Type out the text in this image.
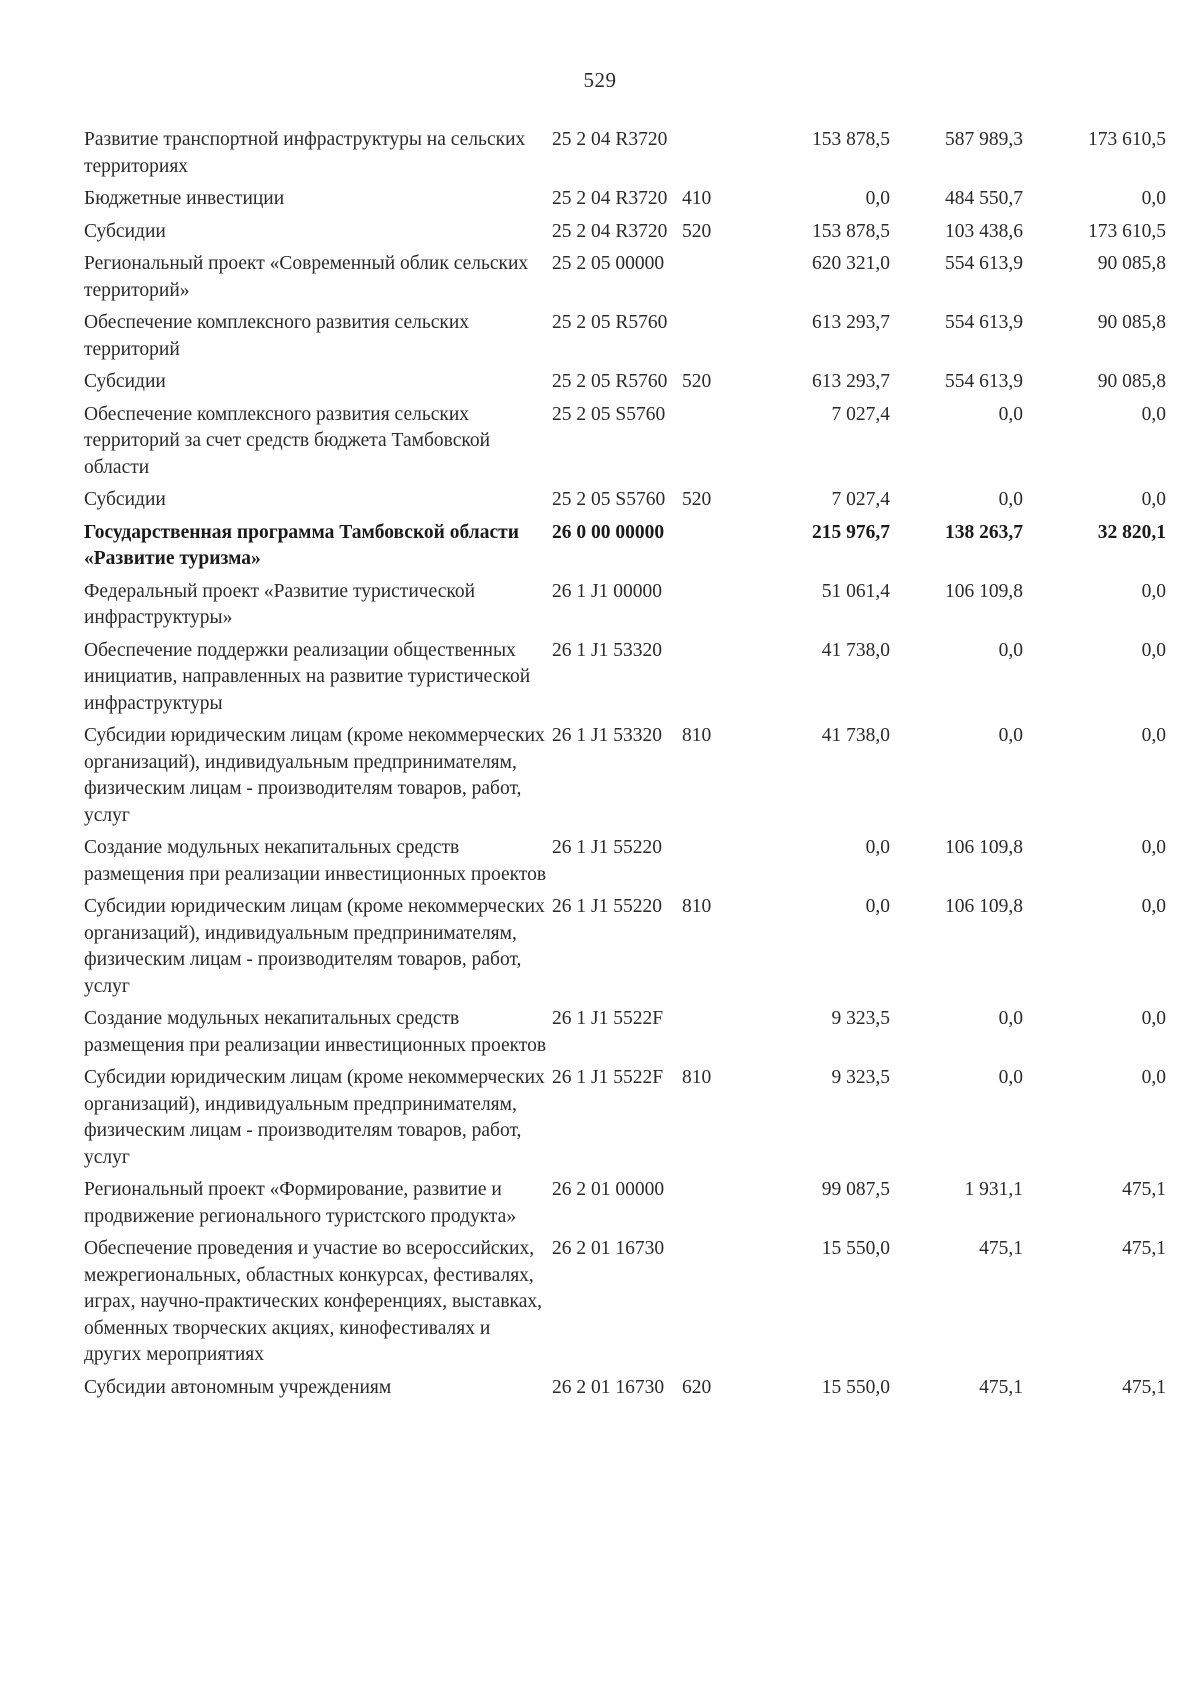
529
Развитие транспортной инфраструктуры на сельских территориях	25 2 04 R3720		153 878,5	587 989,3	173 610,5
Бюджетные инвестиции	25 2 04 R3720	410	0,0	484 550,7	0,0
Субсидии	25 2 04 R3720	520	153 878,5	103 438,6	173 610,5
Региональный проект «Современный облик сельских территорий»	25 2 05 00000		620 321,0	554 613,9	90 085,8
Обеспечение комплексного развития сельских территорий	25 2 05 R5760		613 293,7	554 613,9	90 085,8
Субсидии	25 2 05 R5760	520	613 293,7	554 613,9	90 085,8
Обеспечение комплексного развития сельских территорий за счет средств бюджета Тамбовской области	25 2 05 S5760		7 027,4	0,0	0,0
Субсидии	25 2 05 S5760	520	7 027,4	0,0	0,0
Государственная программа Тамбовской области «Развитие туризма»	26 0 00 00000		215 976,7	138 263,7	32 820,1
Федеральный проект «Развитие туристической инфраструктуры»	26 1 J1 00000		51 061,4	106 109,8	0,0
Обеспечение поддержки реализации общественных инициатив, направленных на развитие туристической инфраструктуры	26 1 J1 53320		41 738,0	0,0	0,0
Субсидии юридическим лицам (кроме некоммерческих организаций), индивидуальным предпринимателям, физическим лицам - производителям товаров, работ, услуг	26 1 J1 53320	810	41 738,0	0,0	0,0
Создание модульных некапитальных средств размещения при реализации инвестиционных проектов	26 1 J1 55220		0,0	106 109,8	0,0
Субсидии юридическим лицам (кроме некоммерческих организаций), индивидуальным предпринимателям, физическим лицам - производителям товаров, работ, услуг	26 1 J1 55220	810	0,0	106 109,8	0,0
Создание модульных некапитальных средств размещения при реализации инвестиционных проектов	26 1 J1 5522F		9 323,5	0,0	0,0
Субсидии юридическим лицам (кроме некоммерческих организаций), индивидуальным предпринимателям, физическим лицам - производителям товаров, работ, услуг	26 1 J1 5522F	810	9 323,5	0,0	0,0
Региональный проект «Формирование, развитие и продвижение регионального туристского продукта»	26 2 01 00000		99 087,5	1 931,1	475,1
Обеспечение проведения и участие во всероссийских, межрегиональных, областных конкурсах, фестивалях, играх, научно-практических конференциях, выставках, обменных творческих акциях, кинофестивалях и других мероприятиях	26 2 01 16730		15 550,0	475,1	475,1
Субсидии автономным учреждениям	26 2 01 16730	620	15 550,0	475,1	475,1
